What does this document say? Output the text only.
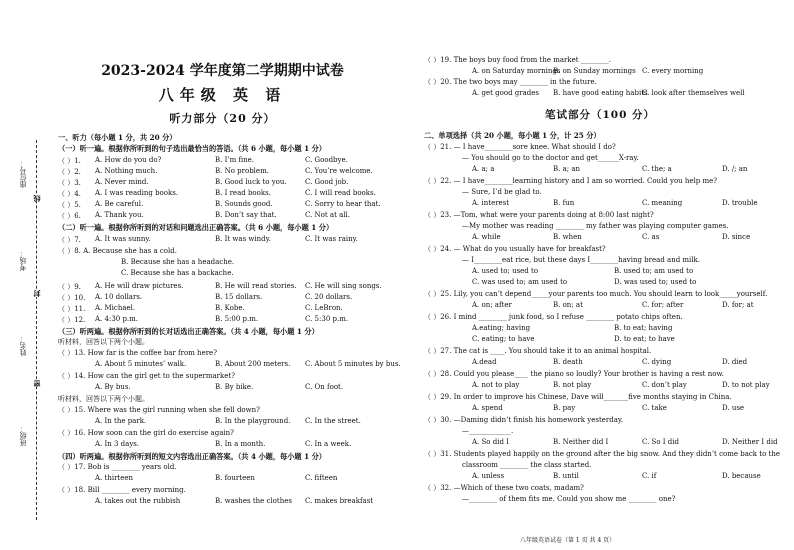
座位号：
考场：
姓名：
班级：
线
封
密
2023-2024 学年度第二学期期中试卷
八年级 英 语
听力部分（20 分）	笔试部分（100 分）
一、听力（每小题 1 分，共 20 分）
（一）听一遍。根据你所听到的句子选出最恰当的答语。（共 6 小题，每小题 1 分）
（ ）1. A. How do you do?	B. I’m fine.	C. Goodbye.
（ ）2. A. Nothing much.	B. No problem.	C. You’re welcome.
（ ）3. A. Never mind.	B. Good luck to you.	C. Good job.
（ ）4. A. I was reading books.	B. I read books.	C. I will read books.
（ ）5. A. Be careful.	B. Sounds good.	C. Sorry to hear that.
（ ）6. A. Thank you.	B. Don’t say that.	C. Not at all.
（二）听一遍。根据你所听到的对话和问题选出正确答案。（共 6 小题，每小题 1 分）
（ ）7. A. It was sunny.	B. It was windy.	C. It was rainy.
（ ）8. A. Because she has a cold.
B. Because she has a headache.
C. Because she has a backache.
（ ）9. A. He will draw pictures.	B. He will read stories. C. He will sing songs.
（ ）10. A. 10 dollars.	B. 15 dollars.	C. 20 dollars.
（ ）11. A. Michael.	B. Kobe.	C. LeBron.
（ ）12. A. 4:30 p.m.	B. 5:00 p.m.	C. 5:30 p.m.
（三）听两遍。根据你所听到的长对话选出正确答案。（共 4 小题，每小题 1 分）
听材料，回答以下两个小题。
（ ）13. How far is the coffee bar from here?
A. About 5 minutes’ walk.	B. About 200 meters. C. About 5 minutes by bus.
（ ）14. How can the girl get to the supermarket?
A. By bus.	B. By bike.	C. On foot.
听材料，回答以下两个小题。
（ ）15. Where was the girl running when she fell down?
A. In the park.	B. In the playground. C. In the street.
（ ）16. How soon can the girl do exercise again?
A. In 3 days.	B. In a month.	C. In a week.
（四）听两遍。根据你所听到的短文内容选出正确答案。（共 4 小题，每小题 1 分）
（ ）17. Bob is ________ years old.
A. thirteen	B. fourteen	C. fifteen
（ ）18. Bill ________ every morning.
A. takes out the rubbish	B. washes the clothes C. makes breakfast
（ ）19. The boys buy food from the market ________.
A. on Saturday mornings
B. on Sunday mornings C. every morning
（ ）20. The two boys may ________ in the future.
A. get good grades B. have good eating habits
C. look after themselves well
二、单项选择（共 20 小题，每小题 1 分，计 25 分）
（ ）21. — I have________sore knee. What should I do?
— You should go to the doctor and get______X-ray.
A. a; a	B. a; an	C. the; a	D. /; an
（ ）22. — I have________learning history and I am so worried. Could you help me?
— Sure, I’d be glad to.
A. interest	B. fun	C. meaning	D. trouble
（ ）23. —Tom, what were your parents doing at 8:00 last night?
—My mother was reading ________ my father was playing computer games.
A. while	B. when	C. as	D. since
（ ）24. — What do you usually have for breakfast?
— I________eat rice, but these days I________having bread and milk.
A. used to; used to	B. used to; am used to
C. was used to; am used to	D. was used to; used to
（ ）25. Lily, you can’t depend_____your parents too much. You should learn to look_____yourself.
A. on; after	B. on; at	C. for; after	D. for; at
（ ）26. I mind ________ junk food, so I refuse ________ potato chips often.
A.eating; having	B. to eat; having
C. eating; to have	D. to eat; to have
（ ）27. The cat is ____. You should take it to an animal hospital.
A.dead	B. death	C. dying	D. died
（ ）28. Could you please____ the piano so loudly? Your brother is having a rest now.
A. not to play	B. not play	C. don’t play	D. to not play
（ ）29. In order to improve his Chinese, Dave will_______five months staying in China.
A. spend	B. pay	C. take	D. use
（ ）30. —Daming didn’t finish his homework yesterday.
—____________.
A. So did I	B. Neither did I	C. So I did	D. Neither I did
（ ）31. Students played happily on the ground after the big snow. And they didn’t come back to the
classroom ________ the class started.
A. unless	B. until	C. if	D. because
（ ）32. —Which of these two coats, madam?
—________ of them fits me. Could you show me ________ one?
八年级英语试卷（第 1 页 共 4 页）
